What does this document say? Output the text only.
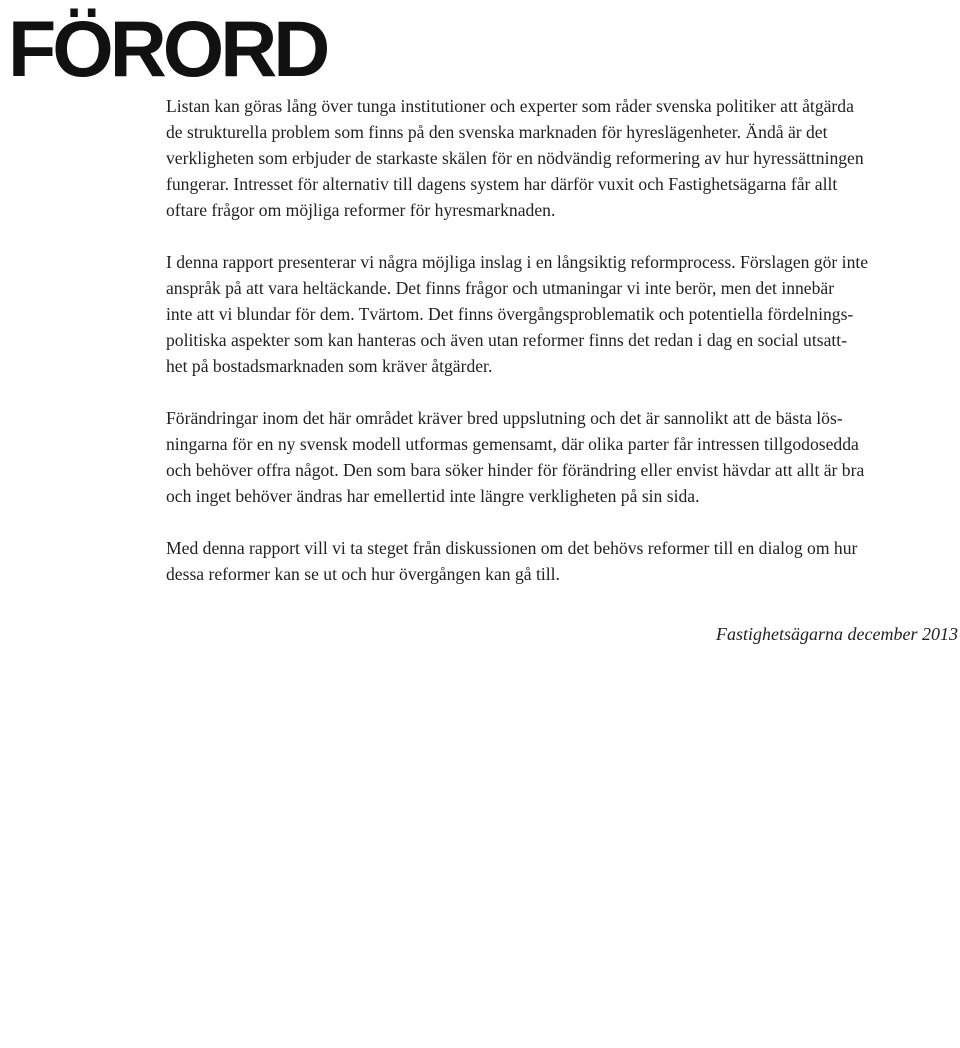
FÖRORD

Listan kan göras lång över tunga institutioner och experter som råder svenska politiker att åtgärda
de strukturella problem som finns på den svenska marknaden för hyreslägenheter. Ändå är det
verkligheten som erbjuder de starkaste skälen för en nödvändig reformering av hur hyressättningen
fungerar. Intresset för alternativ till dagens system har därför vuxit och Fastighetsägarna får allt
oftare frågor om möjliga reformer för hyresmarknaden.

I denna rapport presenterar vi några möjliga inslag i en långsiktig reformprocess. Förslagen gör inte
anspråk på att vara heltäckande. Det finns frågor och utmaningar vi inte berör, men det innebär
inte att vi blundar för dem. Tvärtom. Det finns övergångsproblematik och potentiella fördelnings-
politiska aspekter som kan hanteras och även utan reformer finns det redan i dag en social utsatt-
het på bostadsmarknaden som kräver åtgärder.

Förändringar inom det här området kräver bred uppslutning och det är sannolikt att de bästa lös-
ningarna för en ny svensk modell utformas gemensamt, där olika parter får intressen tillgodosedda
och behöver offra något. Den som bara söker hinder för förändring eller envist hävdar att allt är bra
och inget behöver ändras har emellertid inte längre verkligheten på sin sida.

Med denna rapport vill vi ta steget från diskussionen om det behövs reformer till en dialog om hur
dessa reformer kan se ut och hur övergången kan gå till.

Fastighetsägarna december 2013
